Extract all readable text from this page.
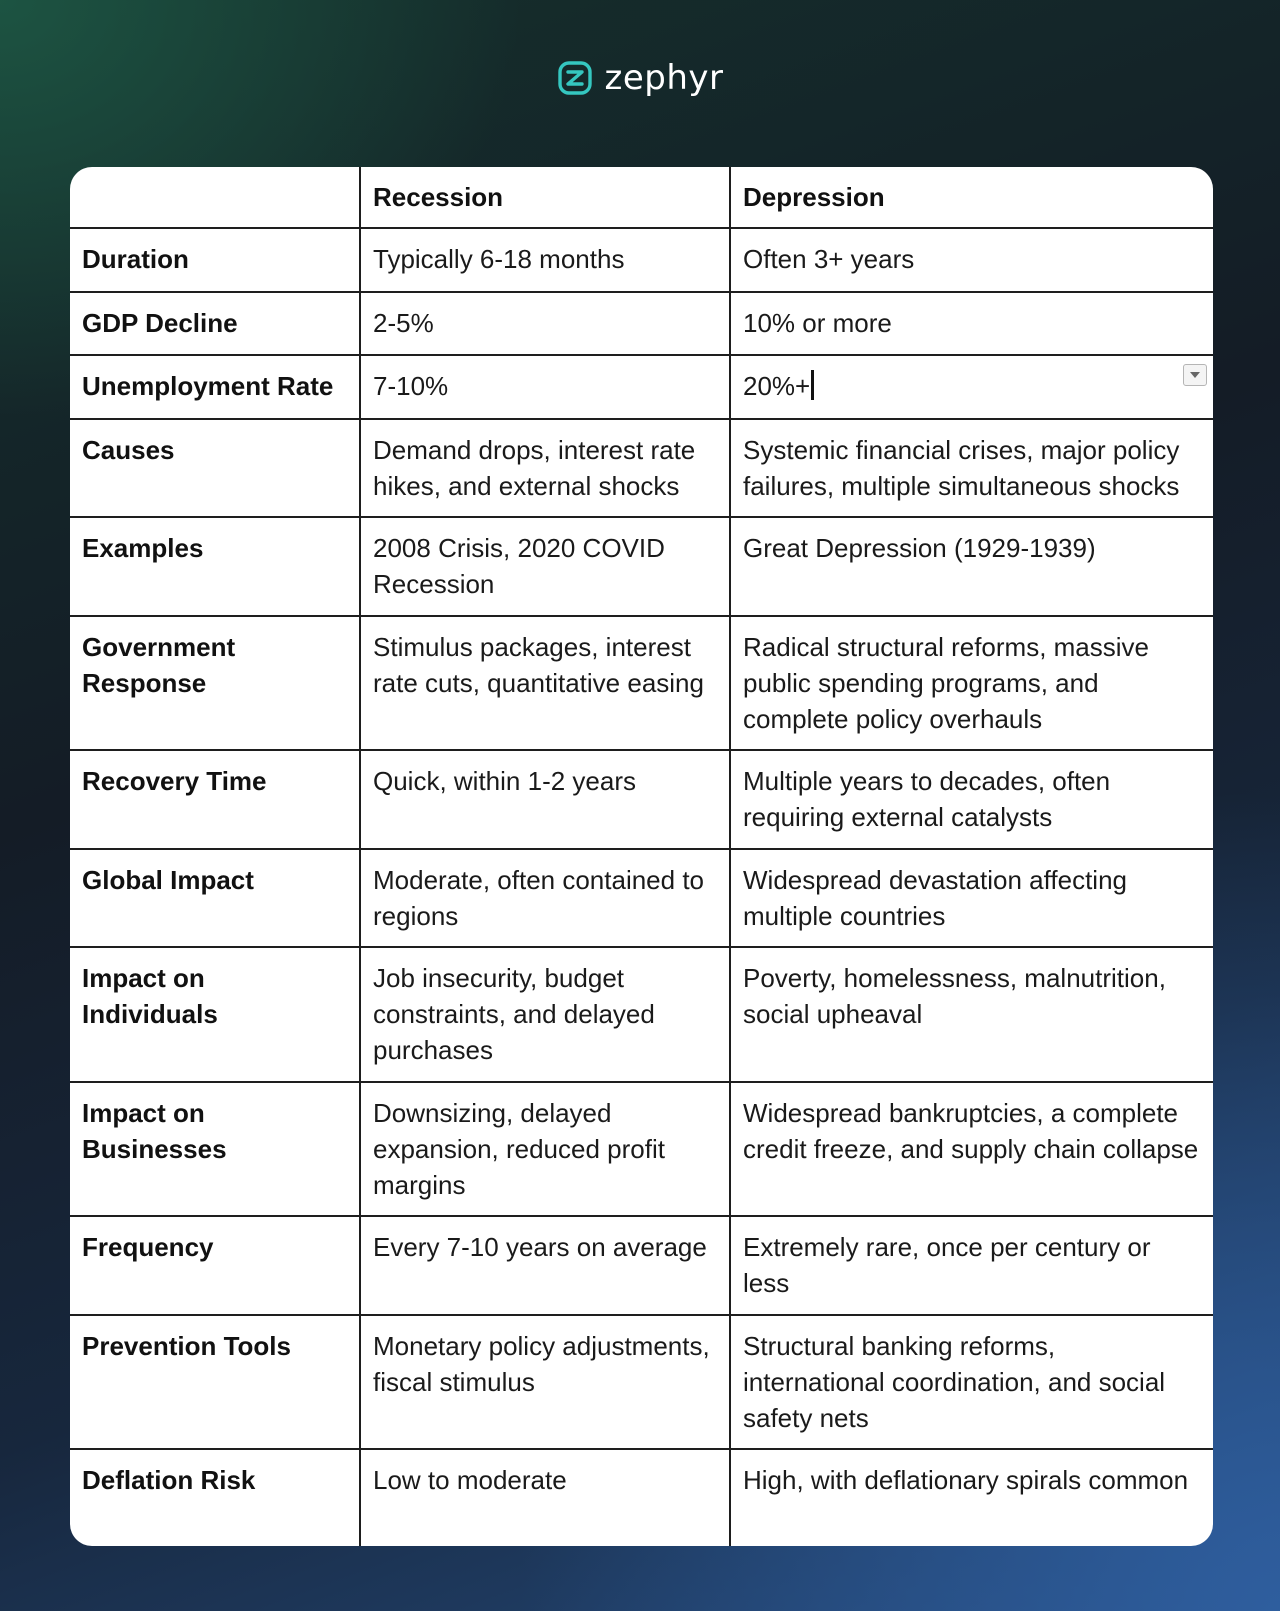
zephyr
	Recession	Depression
Duration	Typically 6-18 months	Often 3+ years
GDP Decline	2-5%	10% or more
Unemployment Rate	7-10%	20%+

Causes	Demand drops, interest rate hikes, and external shocks	Systemic financial crises, major policy failures, multiple simultaneous shocks
Examples	2008 Crisis, 2020 COVID Recession	Great Depression (1929-1939)
Government Response	Stimulus packages, interest rate cuts, quantitative easing	Radical structural reforms, massive public spending programs, and complete policy overhauls
Recovery Time	Quick, within 1-2 years	Multiple years to decades, often requiring external catalysts
Global Impact	Moderate, often contained to regions	Widespread devastation affecting multiple countries
Impact on Individuals	Job insecurity, budget constraints, and delayed purchases	Poverty, homelessness, malnutrition, social upheaval
Impact on Businesses	Downsizing, delayed expansion, reduced profit margins	Widespread bankruptcies, a complete credit freeze, and supply chain collapse
Frequency	Every 7-10 years on average	Extremely rare, once per century or less
Prevention Tools	Monetary policy adjustments, fiscal stimulus	Structural banking reforms, international coordination, and social safety nets
Deflation Risk	Low to moderate	High, with deflationary spirals common
